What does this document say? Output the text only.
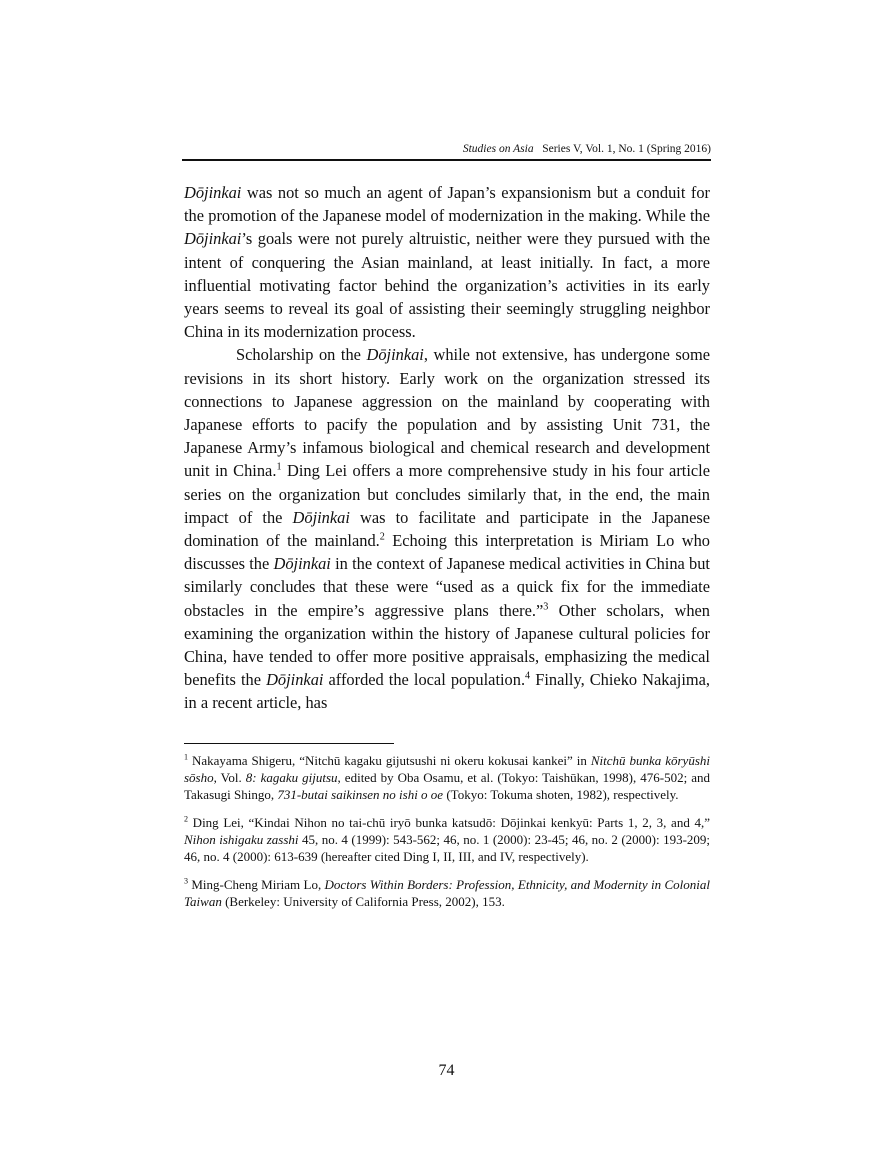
Studies on Asia Series V, Vol. 1, No. 1 (Spring 2016)

Dōjinkai was not so much an agent of Japan’s expansionism but a conduit for the promotion of the Japanese model of modernization in the making. While the Dōjinkai’s goals were not purely altruistic, neither were they pursued with the intent of conquering the Asian mainland, at least initially. In fact, a more influential motivating factor behind the organization’s activities in its early years seems to reveal its goal of assisting their seemingly struggling neighbor China in its modernization process.

Scholarship on the Dōjinkai, while not extensive, has undergone some revisions in its short history. Early work on the organization stressed its connections to Japanese aggression on the mainland by cooperating with Japanese efforts to pacify the population and by assisting Unit 731, the Japanese Army’s infamous biological and chemical research and development unit in China.$^1$ Ding Lei offers a more comprehensive study in his four article series on the organization but concludes similarly that, in the end, the main impact of the Dōjinkai was to facilitate and participate in the Japanese domination of the mainland.$^2$ Echoing this interpretation is Miriam Lo who discusses the Dōjinkai in the context of Japanese medical activities in China but similarly concludes that these were “used as a quick fix for the immediate obstacles in the empire’s aggressive plans there.”$^3$ Other scholars, when examining the organization within the history of Japanese cultural policies for China, have tended to offer more positive appraisals, emphasizing the medical benefits the Dōjinkai afforded the local population.$^4$ Finally, Chieko Nakajima, in a recent article, has

$^1$ Nakayama Shigeru, “Nitchū kagaku gijutsushi ni okeru kokusai kankei” in Nitchū bunka kōryūshi sōsho, Vol. 8: kagaku gijutsu, edited by Oba Osamu, et al. (Tokyo: Taishūkan, 1998), 476-502; and Takasugi Shingo, 731-butai saikinsen no ishi o oe (Tokyo: Tokuma shoten, 1982), respectively.

$^2$ Ding Lei, “Kindai Nihon no tai-chū iryō bunka katsudō: Dōjinkai kenkyū: Parts 1, 2, 3, and 4,” Nihon ishigaku zasshi 45, no. 4 (1999): 543-562; 46, no. 1 (2000): 23-45; 46, no. 2 (2000): 193-209; 46, no. 4 (2000): 613-639 (hereafter cited Ding I, II, III, and IV, respectively).

$^3$ Ming-Cheng Miriam Lo, Doctors Within Borders: Profession, Ethnicity, and Modernity in Colonial Taiwan (Berkeley: University of California Press, 2002), 153.

74
